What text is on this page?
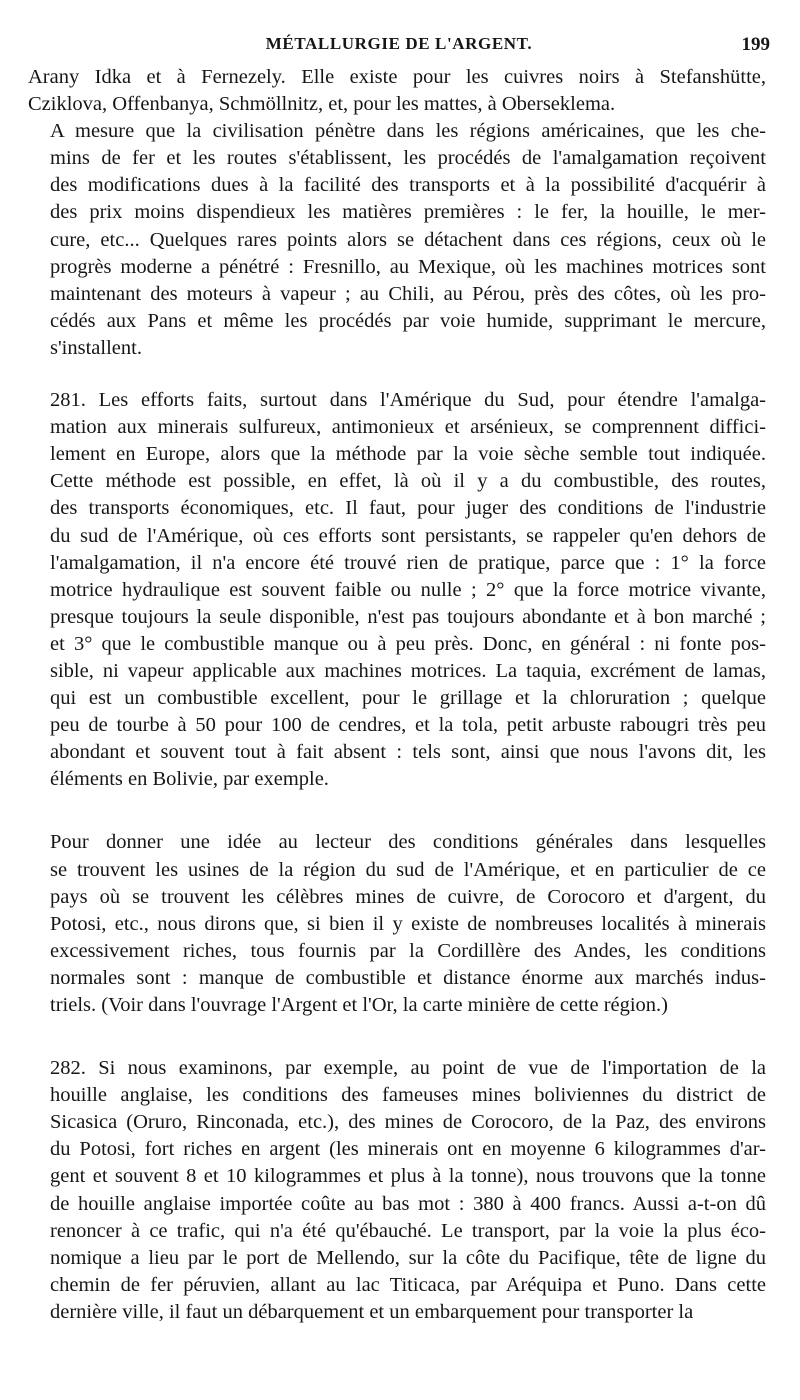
MÉTALLURGIE DE L'ARGENT.	199

Arany Idka et à Fernezely. Elle existe pour les cuivres noirs à Stefanshütte,
Cziklova, Offenbanya, Schmöllnitz, et, pour les mattes, à Oberseklema.

A mesure que la civilisation pénètre dans les régions américaines, que les che-
mins de fer et les routes s'établissent, les procédés de l'amalgamation reçoivent
des modifications dues à la facilité des transports et à la possibilité d'acquérir à
des prix moins dispendieux les matières premières : le fer, la houille, le mer-
cure, etc... Quelques rares points alors se détachent dans ces régions, ceux où le
progrès moderne a pénétré : Fresnillo, au Mexique, où les machines motrices sont
maintenant des moteurs à vapeur ; au Chili, au Pérou, près des côtes, où les pro-
cédés aux Pans et même les procédés par voie humide, supprimant le mercure,
s'installent.

281. Les efforts faits, surtout dans l'Amérique du Sud, pour étendre l'amalga-
mation aux minerais sulfureux, antimonieux et arsénieux, se comprennent diffici-
lement en Europe, alors que la méthode par la voie sèche semble tout indiquée.
Cette méthode est possible, en effet, là où il y a du combustible, des routes,
des transports économiques, etc. Il faut, pour juger des conditions de l'industrie
du sud de l'Amérique, où ces efforts sont persistants, se rappeler qu'en dehors de
l'amalgamation, il n'a encore été trouvé rien de pratique, parce que : 1° la force
motrice hydraulique est souvent faible ou nulle ; 2° que la force motrice vivante,
presque toujours la seule disponible, n'est pas toujours abondante et à bon marché ;
et 3° que le combustible manque ou à peu près. Donc, en général : ni fonte pos-
sible, ni vapeur applicable aux machines motrices. La taquia, excrément de lamas,
qui est un combustible excellent, pour le grillage et la chloruration ; quelque
peu de tourbe à 50 pour 100 de cendres, et la tola, petit arbuste rabougri très peu
abondant et souvent tout à fait absent : tels sont, ainsi que nous l'avons dit, les
éléments en Bolivie, par exemple.

Pour donner une idée au lecteur des conditions générales dans lesquelles
se trouvent les usines de la région du sud de l'Amérique, et en particulier de ce
pays où se trouvent les célèbres mines de cuivre, de Corocoro et d'argent, du
Potosi, etc., nous dirons que, si bien il y existe de nombreuses localités à minerais
excessivement riches, tous fournis par la Cordillère des Andes, les conditions
normales sont : manque de combustible et distance énorme aux marchés indus-
triels. (Voir dans l'ouvrage l'Argent et l'Or, la carte minière de cette région.)

282. Si nous examinons, par exemple, au point de vue de l'importation de la
houille anglaise, les conditions des fameuses mines boliviennes du district de
Sicasica (Oruro, Rinconada, etc.), des mines de Corocoro, de la Paz, des environs
du Potosi, fort riches en argent (les minerais ont en moyenne 6 kilogrammes d'ar-
gent et souvent 8 et 10 kilogrammes et plus à la tonne), nous trouvons que la tonne
de houille anglaise importée coûte au bas mot : 380 à 400 francs. Aussi a-t-on dû
renoncer à ce trafic, qui n'a été qu'ébauché. Le transport, par la voie la plus éco-
nomique a lieu par le port de Mellendo, sur la côte du Pacifique, tête de ligne du
chemin de fer péruvien, allant au lac Titicaca, par Aréquipa et Puno. Dans cette
dernière ville, il faut un débarquement et un embarquement pour transporter la
